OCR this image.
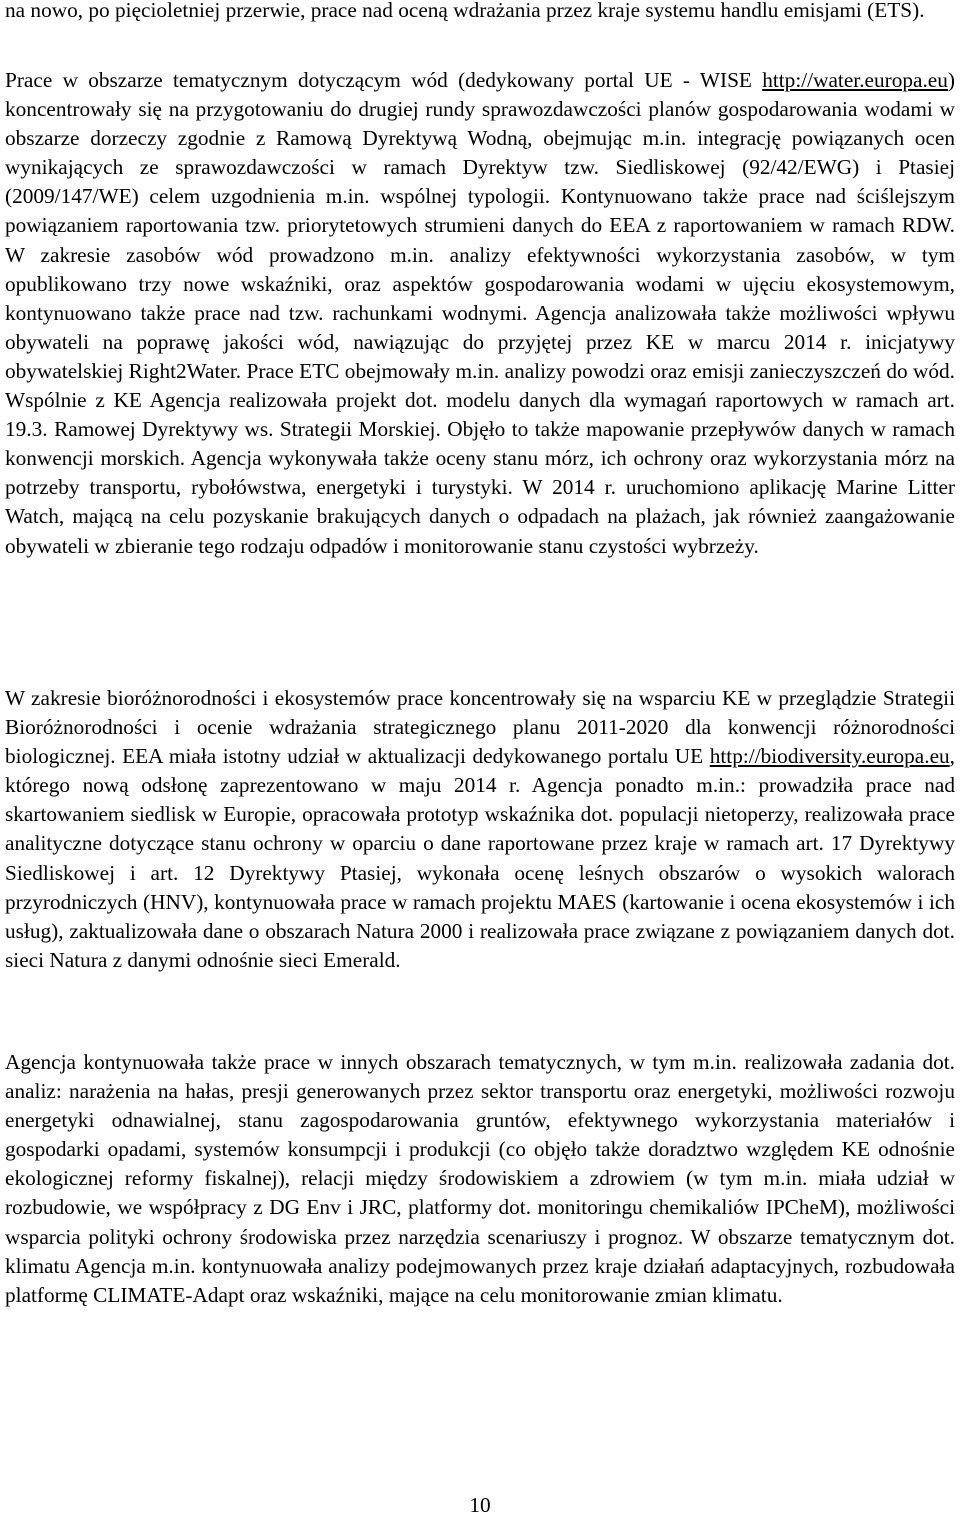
na nowo, po pięcioletniej przerwie, prace nad oceną wdrażania przez kraje systemu handlu emisjami (ETS).

Prace w obszarze tematycznym dotyczącym wód (dedykowany portal UE - WISE http://water.europa.eu) koncentrowały się na przygotowaniu do drugiej rundy sprawozdawczości planów gospodarowania wodami w obszarze dorzeczy zgodnie z Ramową Dyrektywą Wodną, obejmując m.in. integrację powiązanych ocen wynikających ze sprawozdawczości w ramach Dyrektyw tzw. Siedliskowej (92/42/EWG) i Ptasiej (2009/147/WE) celem uzgodnienia m.in. wspólnej typologii. Kontynuowano także prace nad ściślejszym powiązaniem raportowania tzw. priorytetowych strumieni danych do EEA z raportowaniem w ramach RDW. W zakresie zasobów wód prowadzono m.in. analizy efektywności wykorzystania zasobów, w tym opublikowano trzy nowe wskaźniki, oraz aspektów gospodarowania wodami w ujęciu ekosystemowym, kontynuowano także prace nad tzw. rachunkami wodnymi. Agencja analizowała także możliwości wpływu obywateli na poprawę jakości wód, nawiązując do przyjętej przez KE w marcu 2014 r. inicjatywy obywatelskiej Right2Water. Prace ETC obejmowały m.in. analizy powodzi oraz emisji zanieczyszczeń do wód. Wspólnie z KE Agencja realizowała projekt dot. modelu danych dla wymagań raportowych w ramach art. 19.3. Ramowej Dyrektywy ws. Strategii Morskiej. Objęło to także mapowanie przepływów danych w ramach konwencji morskich. Agencja wykonywała także oceny stanu mórz, ich ochrony oraz wykorzystania mórz na potrzeby transportu, rybołówstwa, energetyki i turystyki. W 2014 r. uruchomiono aplikację Marine Litter Watch, mającą na celu pozyskanie brakujących danych o odpadach na plażach, jak również zaangażowanie obywateli w zbieranie tego rodzaju odpadów i monitorowanie stanu czystości wybrzeży.

W zakresie bioróżnorodności i ekosystemów prace koncentrowały się na wsparciu KE w przeglądzie Strategii Bioróżnorodności i ocenie wdrażania strategicznego planu 2011-2020 dla konwencji różnorodności biologicznej. EEA miała istotny udział w aktualizacji dedykowanego portalu UE http://biodiversity.europa.eu, którego nową odsłonę zaprezentowano w maju 2014 r. Agencja ponadto m.in.: prowadziła prace nad skartowaniem siedlisk w Europie, opracowała prototyp wskaźnika dot. populacji nietoperzy, realizowała prace analityczne dotyczące stanu ochrony w oparciu o dane raportowane przez kraje w ramach art. 17 Dyrektywy Siedliskowej i art. 12 Dyrektywy Ptasiej, wykonała ocenę leśnych obszarów o wysokich walorach przyrodniczych (HNV), kontynuowała prace w ramach projektu MAES (kartowanie i ocena ekosystemów i ich usług), zaktualizowała dane o obszarach Natura 2000 i realizowała prace związane z powiązaniem danych dot. sieci Natura z danymi odnośnie sieci Emerald.

Agencja kontynuowała także prace w innych obszarach tematycznych, w tym m.in. realizowała zadania dot. analiz: narażenia na hałas, presji generowanych przez sektor transportu oraz energetyki, możliwości rozwoju energetyki odnawialnej, stanu zagospodarowania gruntów, efektywnego wykorzystania materiałów i gospodarki opadami, systemów konsumpcji i produkcji (co objęło także doradztwo względem KE odnośnie ekologicznej reformy fiskalnej), relacji między środowiskiem a zdrowiem (w tym m.in. miała udział w rozbudowie, we współpracy z DG Env i JRC, platformy dot. monitoringu chemikaliów IPCheM), możliwości wsparcia polityki ochrony środowiska przez narzędzia scenariuszy i prognoz. W obszarze tematycznym dot. klimatu Agencja m.in. kontynuowała analizy podejmowanych przez kraje działań adaptacyjnych, rozbudowała platformę CLIMATE-Adapt oraz wskaźniki, mające na celu monitorowanie zmian klimatu.

10
